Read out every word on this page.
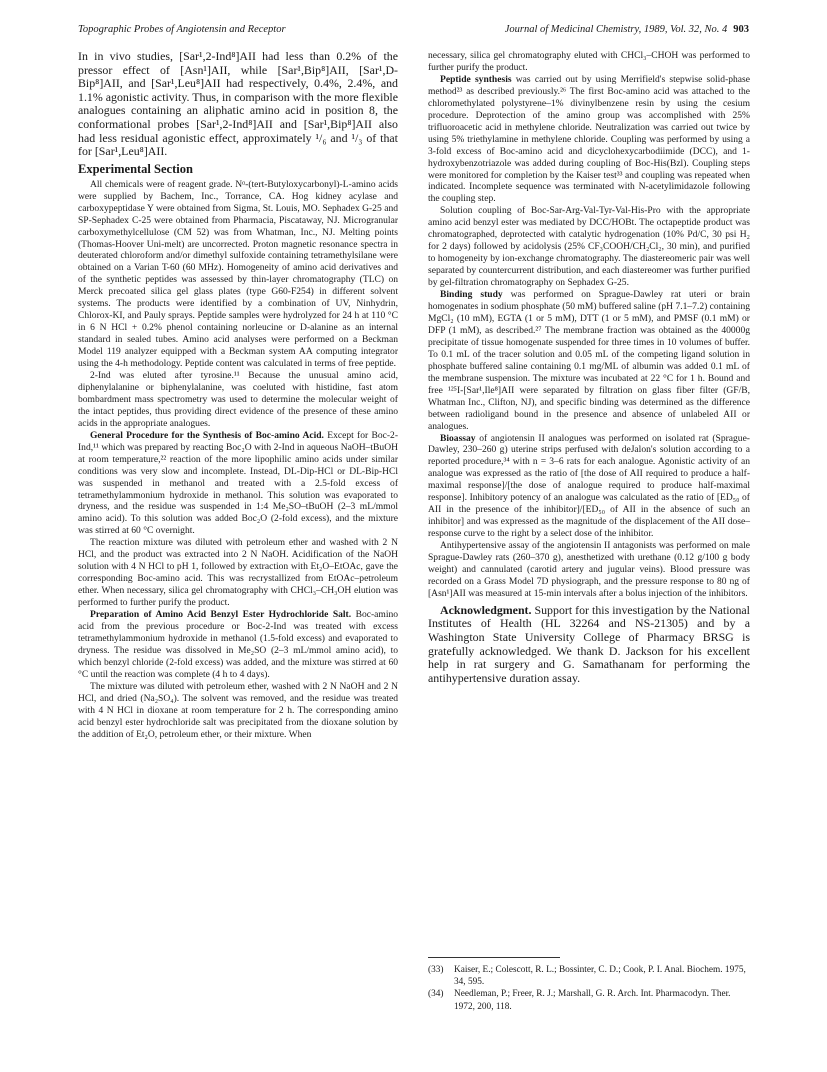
Topographic Probes of Angiotensin and Receptor	Journal of Medicinal Chemistry, 1989, Vol. 32, No. 4 903

In in vivo studies, [Sar¹,2-Ind⁸]AII had less than 0.2% of the pressor effect of [Asn¹]AII, while [Sar¹,Bip⁸]AII, [Sar¹,D-Bip⁸]AII, and [Sar¹,Leu⁸]AII had respectively, 0.4%, 2.4%, and 1.1% agonistic activity. Thus, in comparison with the more flexible analogues containing an aliphatic amino acid in position 8, the conformational probes [Sar¹,2-Ind⁸]AII and [Sar¹,Bip⁸]AII also had less residual agonistic effect, approximately ¹/₆ and ¹/₃ of that for [Sar¹,Leu⁸]AII.

Experimental Section

All chemicals were of reagent grade. Nᵅ-(tert-Butyloxycarbonyl)-L-amino acids were supplied by Bachem, Inc., Torrance, CA. Hog kidney acylase and carboxypeptidase Y were obtained from Sigma, St. Louis, MO. Sephadex G-25 and SP-Sephadex C-25 were obtained from Pharmacia, Piscataway, NJ. Microgranular carboxymethylcellulose (CM 52) was from Whatman, Inc., NJ. Melting points (Thomas-Hoover Uni-melt) are uncorrected. Proton magnetic resonance spectra in deuterated chloroform and/or dimethyl sulfoxide containing tetramethylsilane were obtained on a Varian T-60 (60 MHz). Homogeneity of amino acid derivatives and of the synthetic peptides was assessed by thin-layer chromatography (TLC) on Merck precoated silica gel glass plates (type G60-F254) in different solvent systems. The products were identified by a combination of UV, Ninhydrin, Chlorox-KI, and Pauly sprays. Peptide samples were hydrolyzed for 24 h at 110 °C in 6 N HCl + 0.2% phenol containing norleucine or D-alanine as an internal standard in sealed tubes. Amino acid analyses were performed on a Beckman Model 119 analyzer equipped with a Beckman system AA computing integrator using the 4-h methodology. Peptide content was calculated in terms of free peptide.

2-Ind was eluted after tyrosine.¹¹ Because the unusual amino acid, diphenylalanine or biphenylalanine, was coeluted with histidine, fast atom bombardment mass spectrometry was used to determine the molecular weight of the intact peptides, thus providing direct evidence of the presence of these amino acids in the appropriate analogues.

General Procedure for the Synthesis of Boc-amino Acid. Except for Boc-2-Ind,¹¹ which was prepared by reacting Boc₂O with 2-Ind in aqueous NaOH–tBuOH at room temperature,²² reaction of the more lipophilic amino acids under similar conditions was very slow and incomplete. Instead, DL-Dip-HCl or DL-Bip-HCl was suspended in methanol and treated with a 2.5-fold excess of tetramethylammonium hydroxide in methanol. This solution was evaporated to dryness, and the residue was suspended in 1:4 Me₂SO–tBuOH (2–3 mL/mmol amino acid). To this solution was added Boc₂O (2-fold excess), and the mixture was stirred at 60 °C overnight.

The reaction mixture was diluted with petroleum ether and washed with 2 N HCl, and the product was extracted into 2 N NaOH. Acidification of the NaOH solution with 4 N HCl to pH 1, followed by extraction with Et₂O–EtOAc, gave the corresponding Boc-amino acid. This was recrystallized from EtOAc–petroleum ether. When necessary, silica gel chromatography with CHCl₃–CH₃OH elution was performed to further purify the product.

Preparation of Amino Acid Benzyl Ester Hydrochloride Salt. Boc-amino acid from the previous procedure or Boc-2-Ind was treated with excess tetramethylammonium hydroxide in methanol (1.5-fold excess) and evaporated to dryness. The residue was dissolved in Me₂SO (2–3 mL/mmol amino acid), to which benzyl chloride (2-fold excess) was added, and the mixture was stirred at 60 °C until the reaction was complete (4 h to 4 days).

The mixture was diluted with petroleum ether, washed with 2 N NaOH and 2 N HCl, and dried (Na₂SO₄). The solvent was removed, and the residue was treated with 4 N HCl in dioxane at room temperature for 2 h. The corresponding amino acid benzyl ester hydrochloride salt was precipitated from the dioxane solution by the addition of Et₂O, petroleum ether, or their mixture. When

necessary, silica gel chromatography eluted with CHCl₃–CHOH was performed to further purify the product.

Peptide synthesis was carried out by using Merrifield's stepwise solid-phase method²³ as described previously.²⁶ The first Boc-amino acid was attached to the chloromethylated polystyrene–1% divinylbenzene resin by using the cesium procedure. Deprotection of the amino group was accomplished with 25% trifluoroacetic acid in methylene chloride. Neutralization was carried out twice by using 5% triethylamine in methylene chloride. Coupling was performed by using a 3-fold excess of Boc-amino acid and dicyclohexycarbodiimide (DCC), and 1-hydroxybenzotriazole was added during coupling of Boc-His(Bzl). Coupling steps were monitored for completion by the Kaiser test³³ and coupling was repeated when indicated. Incomplete sequence was terminated with N-acetylimidazole following the coupling step.

Solution coupling of Boc-Sar-Arg-Val-Tyr-Val-His-Pro with the appropriate amino acid benzyl ester was mediated by DCC/HOBt. The octapeptide product was chromatographed, deprotected with catalytic hydrogenation (10% Pd/C, 30 psi H₂ for 2 days) followed by acidolysis (25% CF₃COOH/CH₂Cl₂, 30 min), and purified to homogeneity by ion-exchange chromatography. The diastereomeric pair was well separated by countercurrent distribution, and each diastereomer was further purified by gel-filtration chromatography on Sephadex G-25.

Binding study was performed on Sprague-Dawley rat uteri or brain homogenates in sodium phosphate (50 mM) buffered saline (pH 7.1–7.2) containing MgCl₂ (10 mM), EGTA (1 or 5 mM), DTT (1 or 5 mM), and PMSF (0.1 mM) or DFP (1 mM), as described.²⁷ The membrane fraction was obtained as the 40000g precipitate of tissue homogenate suspended for three times in 10 volumes of buffer. To 0.1 mL of the tracer solution and 0.05 mL of the competing ligand solution in phosphate buffered saline containing 0.1 mg/ML of albumin was added 0.1 mL of the membrane suspension. The mixture was incubated at 22 °C for 1 h. Bound and free ¹²⁵I-[Sar¹,Ile⁸]AII were separated by filtration on glass fiber filter (GF/B, Whatman Inc., Clifton, NJ), and specific binding was determined as the difference between radioligand bound in the presence and absence of unlabeled AII or analogues.

Bioassay of angiotensin II analogues was performed on isolated rat (Sprague-Dawley, 230–260 g) uterine strips perfused with deJalon's solution according to a reported procedure,³⁴ with n = 3–6 rats for each analogue. Agonistic activity of an analogue was expressed as the ratio of [the dose of AII required to produce a half-maximal response]/[the dose of analogue required to produce half-maximal response]. Inhibitory potency of an analogue was calculated as the ratio of [ED₅₀ of AII in the presence of the inhibitor]/[ED₅₀ of AII in the absence of such an inhibitor] and was expressed as the magnitude of the displacement of the AII dose–response curve to the right by a select dose of the inhibitor.

Antihypertensive assay of the angiotensin II antagonists was performed on male Sprague-Dawley rats (260–370 g), anesthetized with urethane (0.12 g/100 g body weight) and cannulated (carotid artery and jugular veins). Blood pressure was recorded on a Grass Model 7D physiograph, and the pressure response to 80 ng of [Asn¹]AII was measured at 15-min intervals after a bolus injection of the inhibitors.

Acknowledgment. Support for this investigation by the National Institutes of Health (HL 32264 and NS-21305) and by a Washington State University College of Pharmacy BRSG is gratefully acknowledged. We thank D. Jackson for his excellent help in rat surgery and G. Samathanam for performing the antihypertensive duration assay.

(33)	Kaiser, E.; Colescott, R. L.; Bossinter, C. D.; Cook, P. I. Anal. Biochem. 1975, 34, 595.
(34)	Needleman, P.; Freer, R. J.; Marshall, G. R. Arch. Int. Pharmacodyn. Ther. 1972, 200, 118.
